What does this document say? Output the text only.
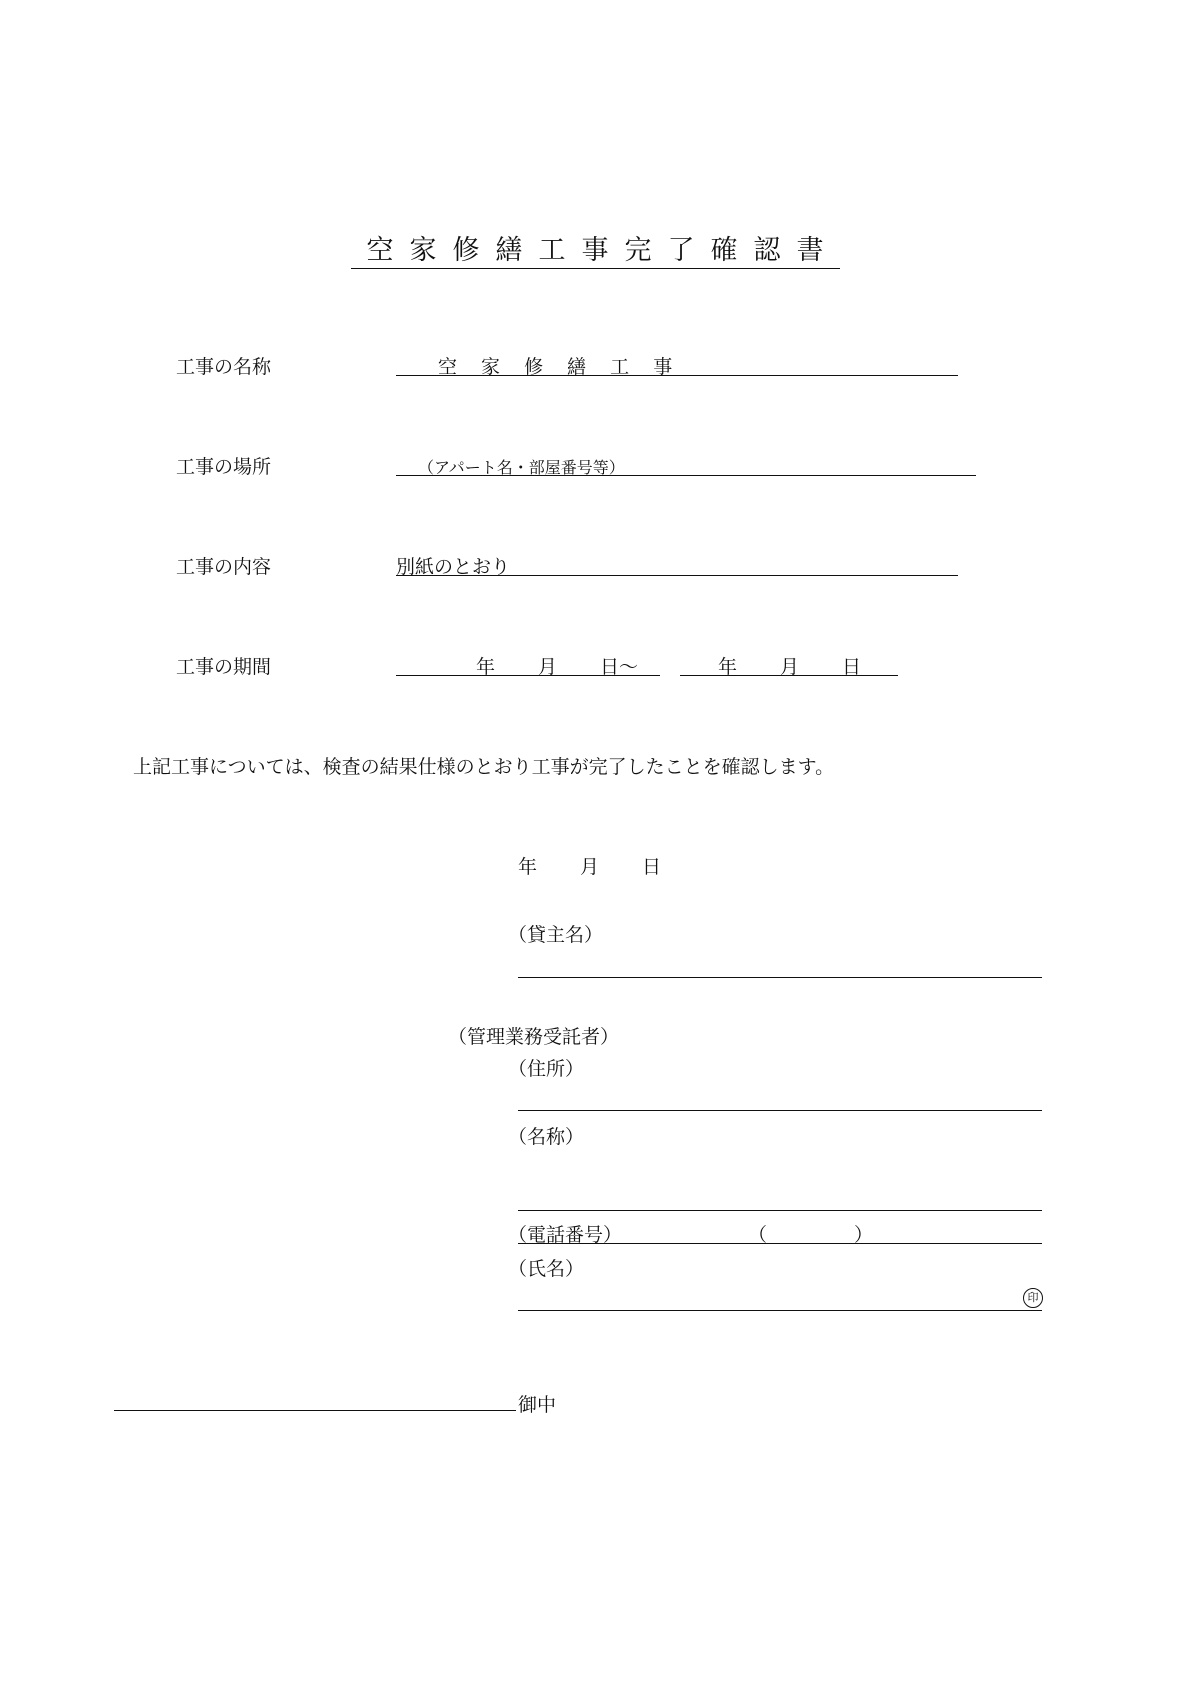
空家修繕工事完了確認書
工事の名称	空 家 修 繕 工 事
工事の場所	（アパート名・部屋番号等）
工事の内容	別紙のとおり
工事の期間	年 月 日～	年 月 日
上記工事については、検査の結果仕様のとおり工事が完了したことを確認します。
年 月 日
（貸主名）
（管理業務受託者）
（住所）
（名称）
（電話番号）	（	）
（氏名）
印
御中
